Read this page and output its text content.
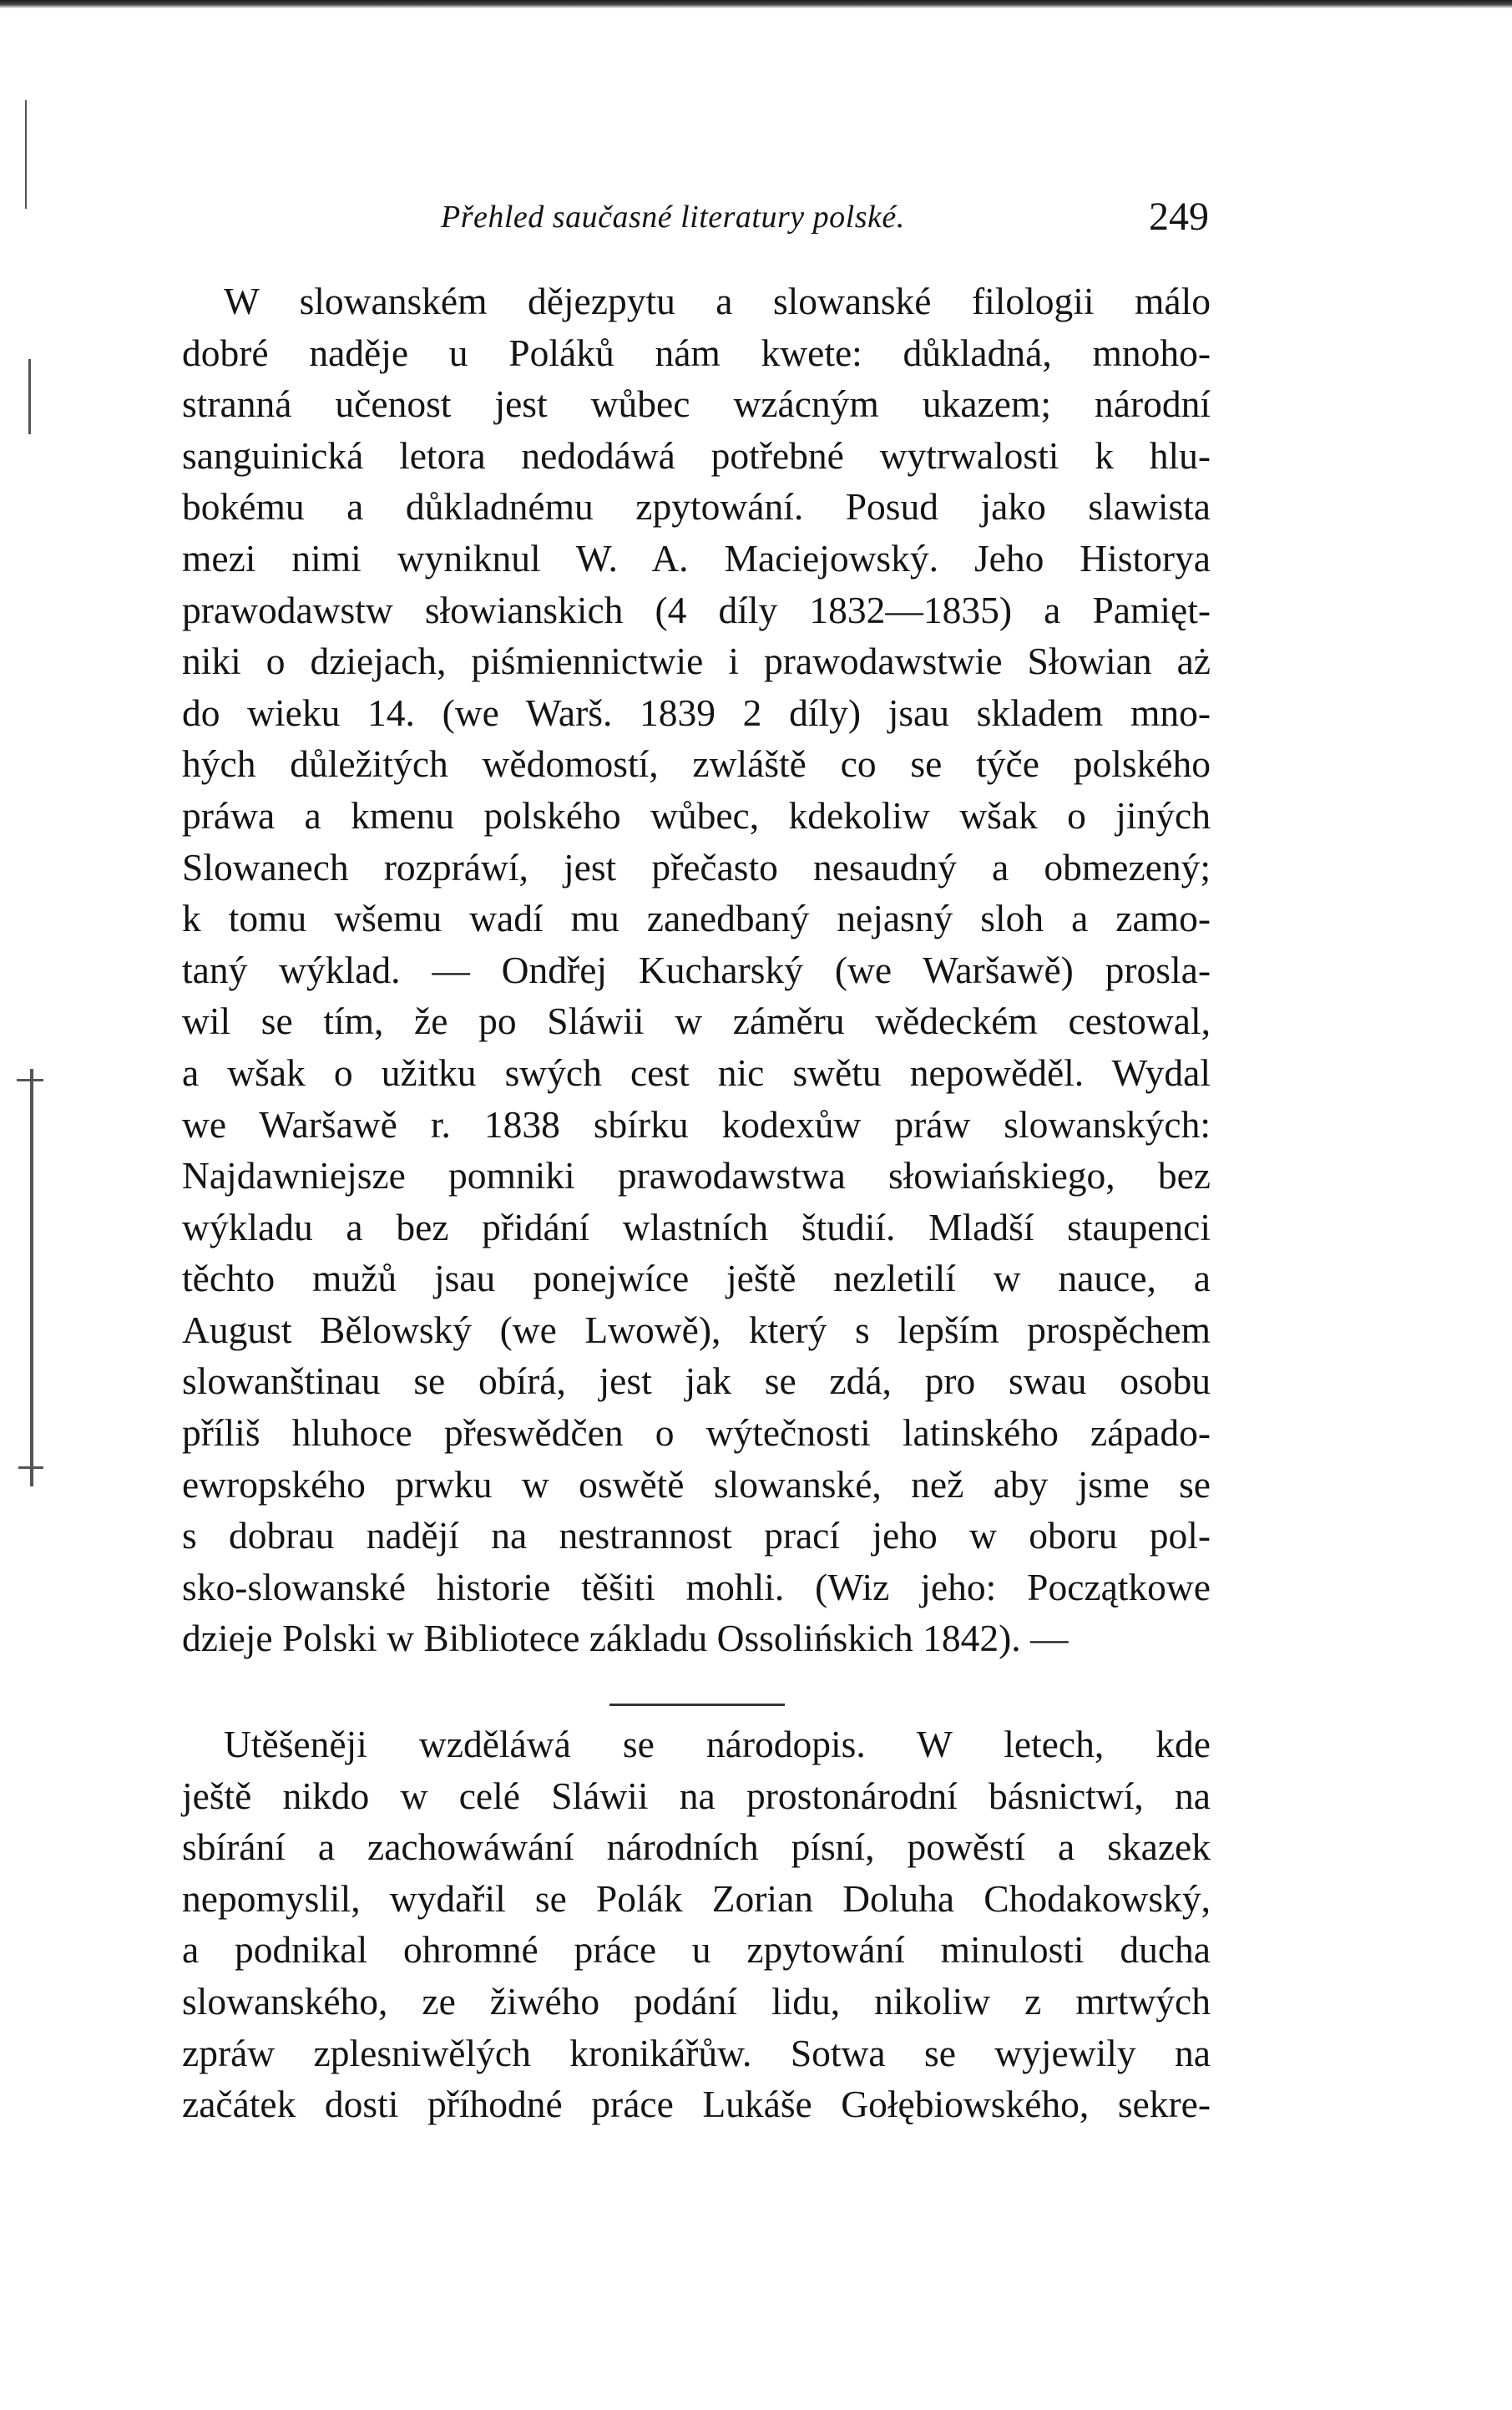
Přehled saučasné literatury polské.	249
W slowanském dějezpytu a slowanské filologii málo
dobré naděje u Poláků nám kwete: důkladná, mnoho-
stranná učenost jest wůbec wzácným ukazem; národní
sanguinická letora nedodáwá potřebné wytrwalosti k hlu-
bokému a důkladnému zpytowání. Posud jako slawista
mezi nimi wyniknul W. A. Maciejowský. Jeho Historya
prawodawstw słowianskich (4 díly 1832—1835) a Pamięt-
niki o dziejach, piśmiennictwie i prawodawstwie Słowian aż
do wieku 14. (we Warš. 1839 2 díly) jsau skladem mno-
hých důležitých wědomostí, zwláště co se týče polského
práwa a kmenu polského wůbec, kdekoliw wšak o jiných
Slowanech rozpráwí, jest přečasto nesaudný a obmezený;
k tomu wšemu wadí mu zanedbaný nejasný sloh a zamo-
taný wýklad. — Ondřej Kucharský (we Waršawě) prosla-
wil se tím, že po Sláwii w záměru wědeckém cestowal,
a wšak o užitku swých cest nic swětu nepowěděl. Wydal
we Waršawě r. 1838 sbírku kodexůw práw slowanských:
Najdawniejsze pomniki prawodawstwa słowiańskiego, bez
wýkladu a bez přidání wlastních študií. Mladší staupenci
těchto mužů jsau ponejwíce ještě nezletilí w nauce, a
August Bělowský (we Lwowě), který s lepším prospěchem
slowanštinau se obírá, jest jak se zdá, pro swau osobu
příliš hluhoce přeswědčen o wýtečnosti latinského západo-
ewropského prwku w oswětě slowanské, než aby jsme se
s dobrau nadějí na nestrannost prací jeho w oboru pol-
sko-slowanské historie těšiti mohli. (Wiz jeho: Początkowe
dzieje Polski w Bibliotece základu Ossolińskich 1842). —
Utěšeněji wzděláwá se národopis. W letech, kde
ještě nikdo w celé Sláwii na prostonárodní básnictwí, na
sbírání a zachowáwání národních písní, powěstí a skazek
nepomyslil, wydařil se Polák Zorian Doluha Chodakowský,
a podnikal ohromné práce u zpytowání minulosti ducha
slowanského, ze žiwého podání lidu, nikoliw z mrtwých
zpráw zplesniwělých kronikářůw. Sotwa se wyjewily na
začátek dosti příhodné práce Lukáše Gołębiowského, sekre-
